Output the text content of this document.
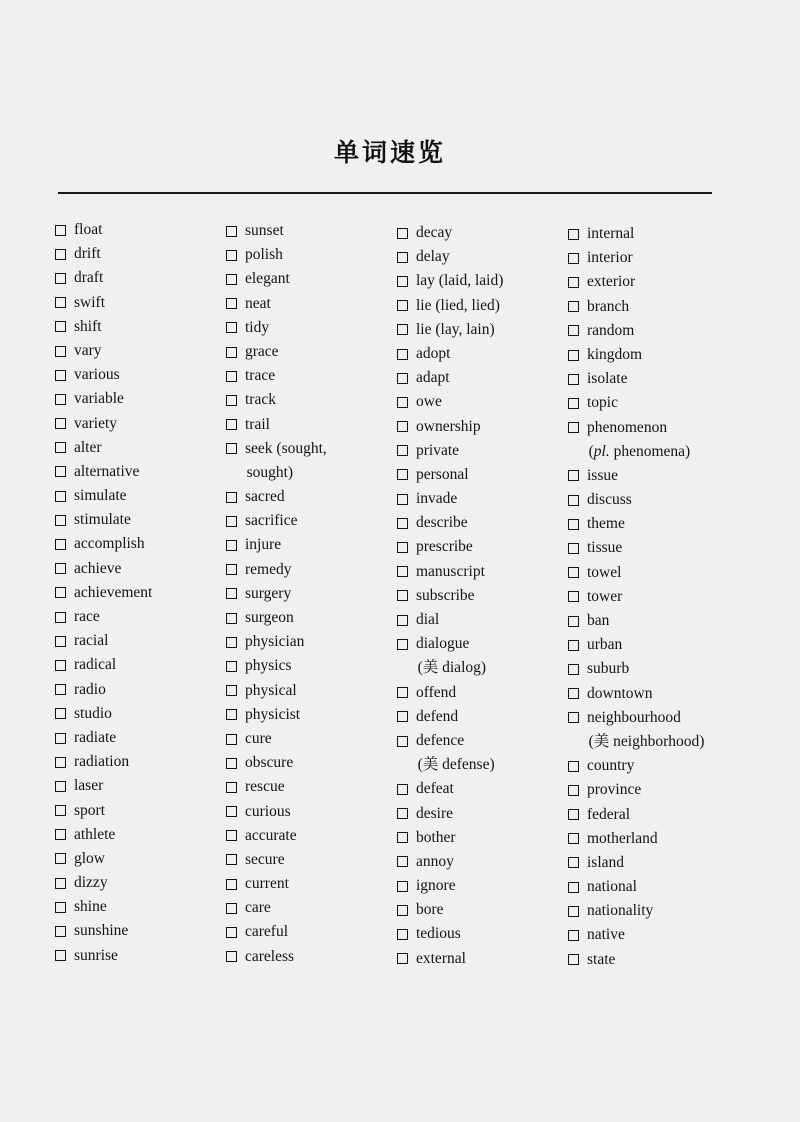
单词速览
float
drift
draft
swift
shift
vary
various
variable
variety
alter
alternative
simulate
stimulate
accomplish
achieve
achievement
race
racial
radical
radio
studio
radiate
radiation
laser
sport
athlete
glow
dizzy
shine
sunshine
sunrise
sunset
polish
elegant
neat
tidy
grace
trace
track
trail
seek (sought,
sought)
sacred
sacrifice
injure
remedy
surgery
surgeon
physician
physics
physical
physicist
cure
obscure
rescue
curious
accurate
secure
current
care
careful
careless
decay
delay
lay (laid, laid)
lie (lied, lied)
lie (lay, lain)
adopt
adapt
owe
ownership
private
personal
invade
describe
prescribe
manuscript
subscribe
dial
dialogue
(美 dialog)
offend
defend
defence
(美 defense)
defeat
desire
bother
annoy
ignore
bore
tedious
external
internal
interior
exterior
branch
random
kingdom
isolate
topic
phenomenon
( pl.
phenomena)
issue
discuss
theme
tissue
towel
tower
ban
urban
suburb
downtown
neighbourhood
(美 neighborhood)
country
province
federal
motherland
island
national
nationality
native
state
